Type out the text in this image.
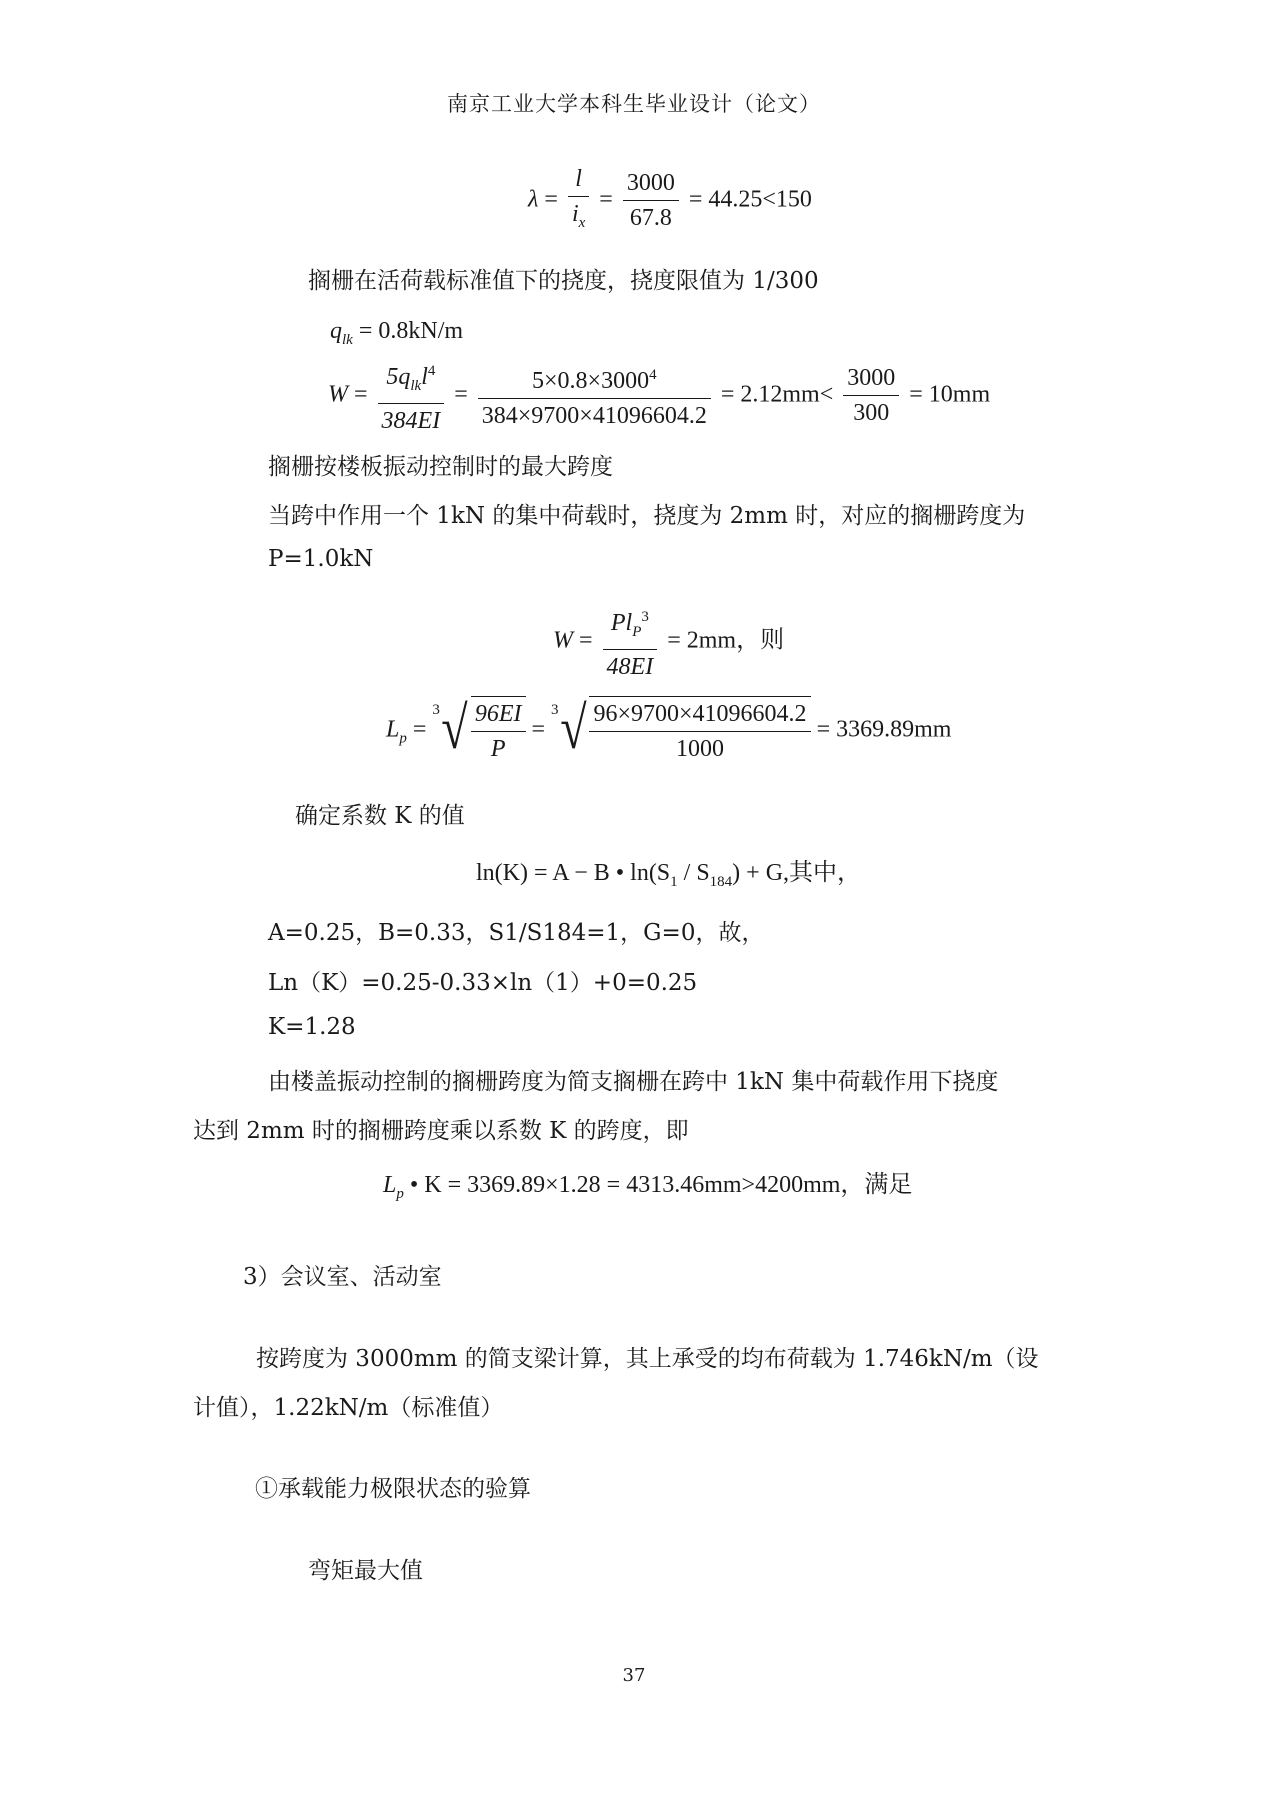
南京工业大学本科生毕业设计（论文）
$\lambda = \frac{l}{i_x} = \frac{3000}{67.8} = 44.25<150$
搁栅在活荷载标准值下的挠度，挠度限值为 1/300
$q_{lk} = 0.8kN/m$
$W = \frac{5q_{lk}l^4}{384EI} = \frac{5\times 0.8\times 3000^4}{384\times 9700\times 41096604.2} = 2.12mm< \frac{3000}{300} = 10mm$
搁栅按楼板振动控制时的最大跨度
当跨中作用一个 1kN 的集中荷载时，挠度为 2mm 时，对应的搁栅跨度为
P=1.0kN
$W = \frac{Pl_P^3}{48EI} = 2mm$，则
$L_p$ =
3 √ $\frac{96EI}{P}$ =
3 √ $\frac{96\times 9700\times 41096604.2}{1000} = 3369.89mm$
确定系数 K 的值
ln(K) = A − B • $\ln(S_1 / S_{184}) + G$,其中，
A=0.25，B=0.33，S1/S184=1，G=0，故，
Ln（K）=0.25-0.33×ln（1）+0=0.25
K=1.28
由楼盖振动控制的搁栅跨度为简支搁栅在跨中 1kN 集中荷载作用下挠度
达到 2mm 时的搁栅跨度乘以系数 K 的跨度，即
$L_p$ • K = 3369.89×1.28 = 4313.46mm>4200mm，满足
3）会议室、活动室
按跨度为 3000mm 的简支梁计算，其上承受的均布荷载为 1.746kN/m（设
计值），1.22kN/m（标准值）
①承载能力极限状态的验算
弯矩最大值
37
